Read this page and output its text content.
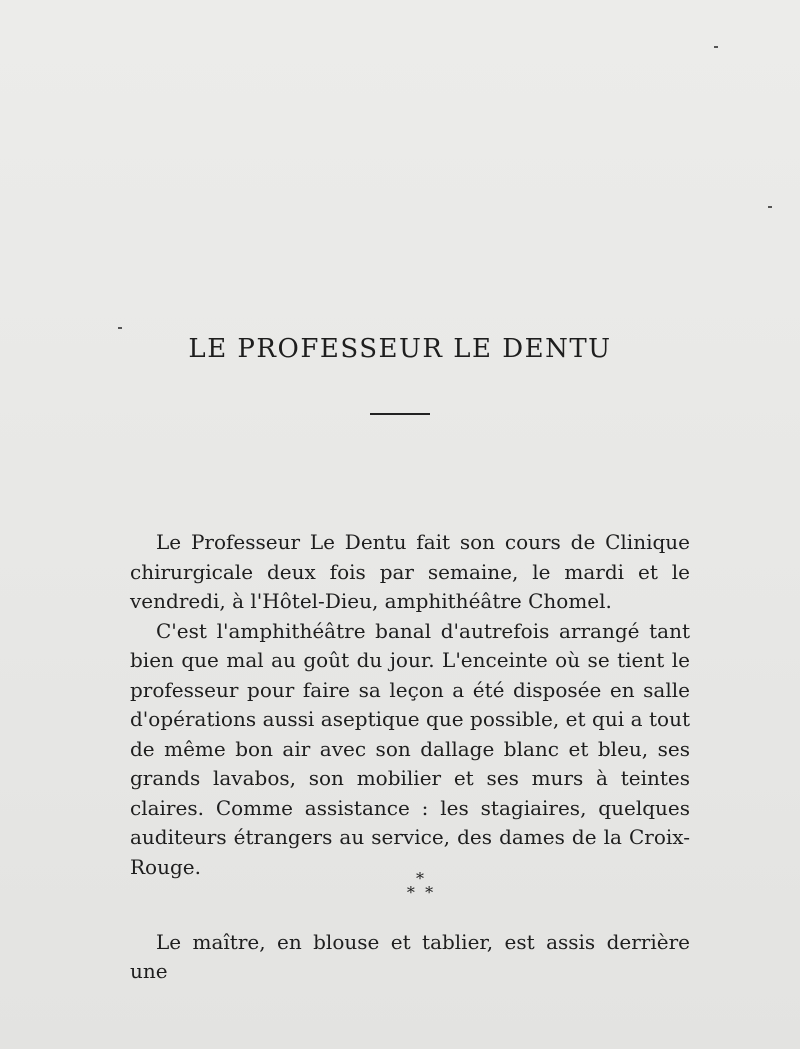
LE PROFESSEUR LE DENTU

Le Professeur Le Dentu fait son cours de Clinique chirurgicale deux fois par semaine, le mardi et le vendredi, à l'Hôtel-Dieu, amphithéâtre Chomel.

C'est l'amphithéâtre banal d'autrefois arrangé tant bien que mal au goût du jour. L'enceinte où se tient le professeur pour faire sa leçon a été disposée en salle d'opérations aussi aseptique que possible, et qui a tout de même bon air avec son dallage blanc et bleu, ses grands lavabos, son mobilier et ses murs à teintes claires. Comme assistance : les stagiaires, quelques auditeurs étrangers au service, des dames de la Croix-Rouge.	*
*  *
Le maître, en blouse et tablier, est assis derrière une
